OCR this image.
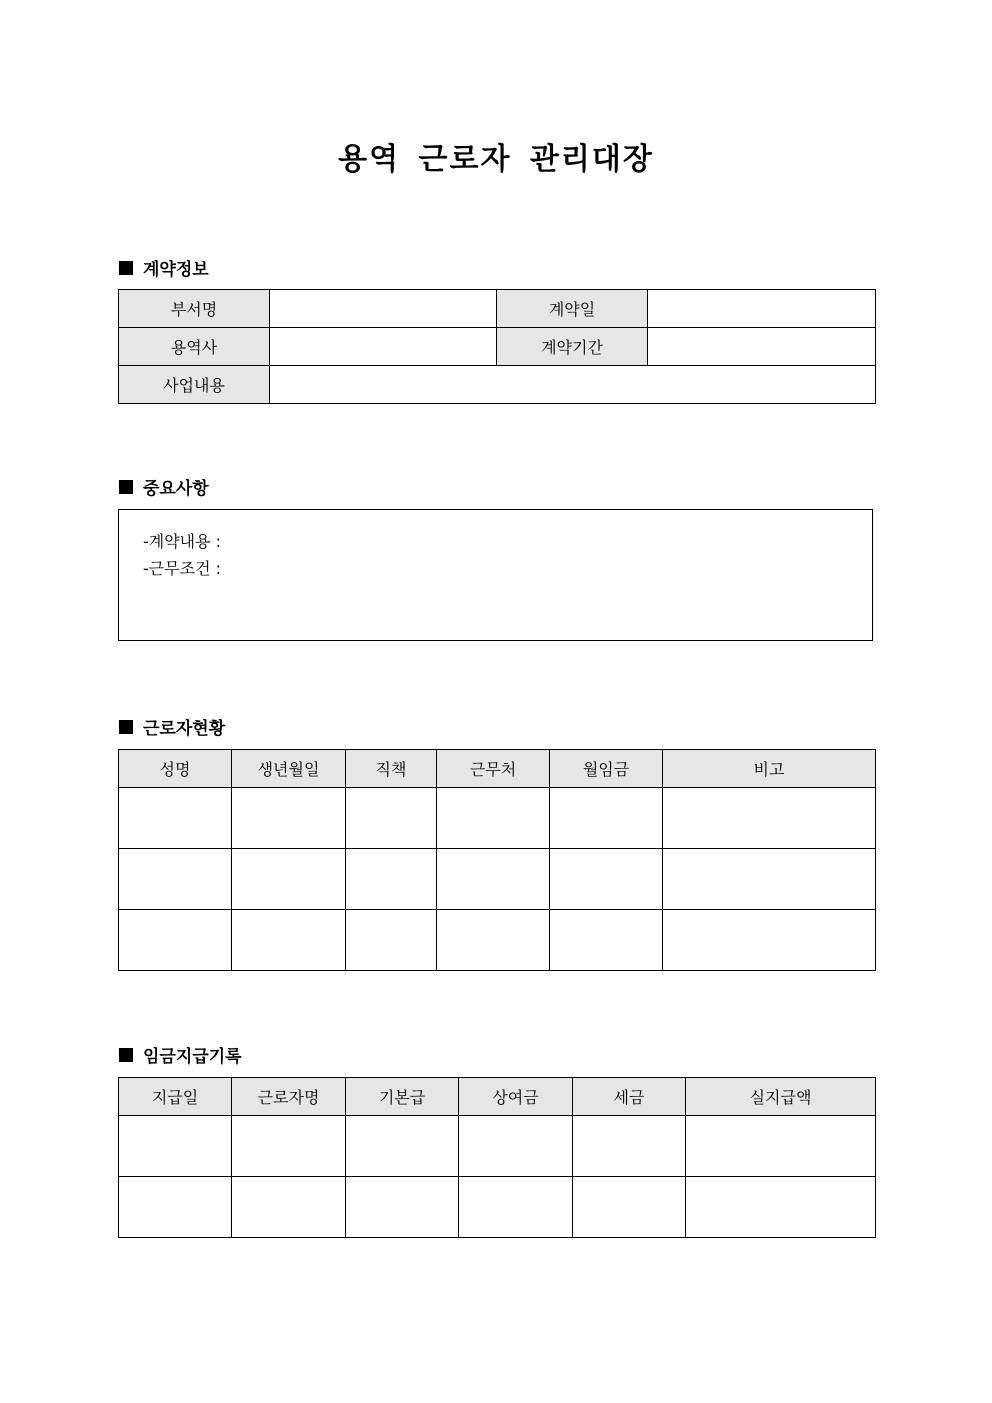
용역 근로자 관리대장
계약정보
부서명		계약일	
용역사		계약기간	
사업내용			
중요사항
-계약내용 :
-근무조건 :
근로자현황
성명	생년월일	직책	근무처	월임금	비고

임금지급기록
지급일	근로자명	기본급	상여금	세금	실지급액
